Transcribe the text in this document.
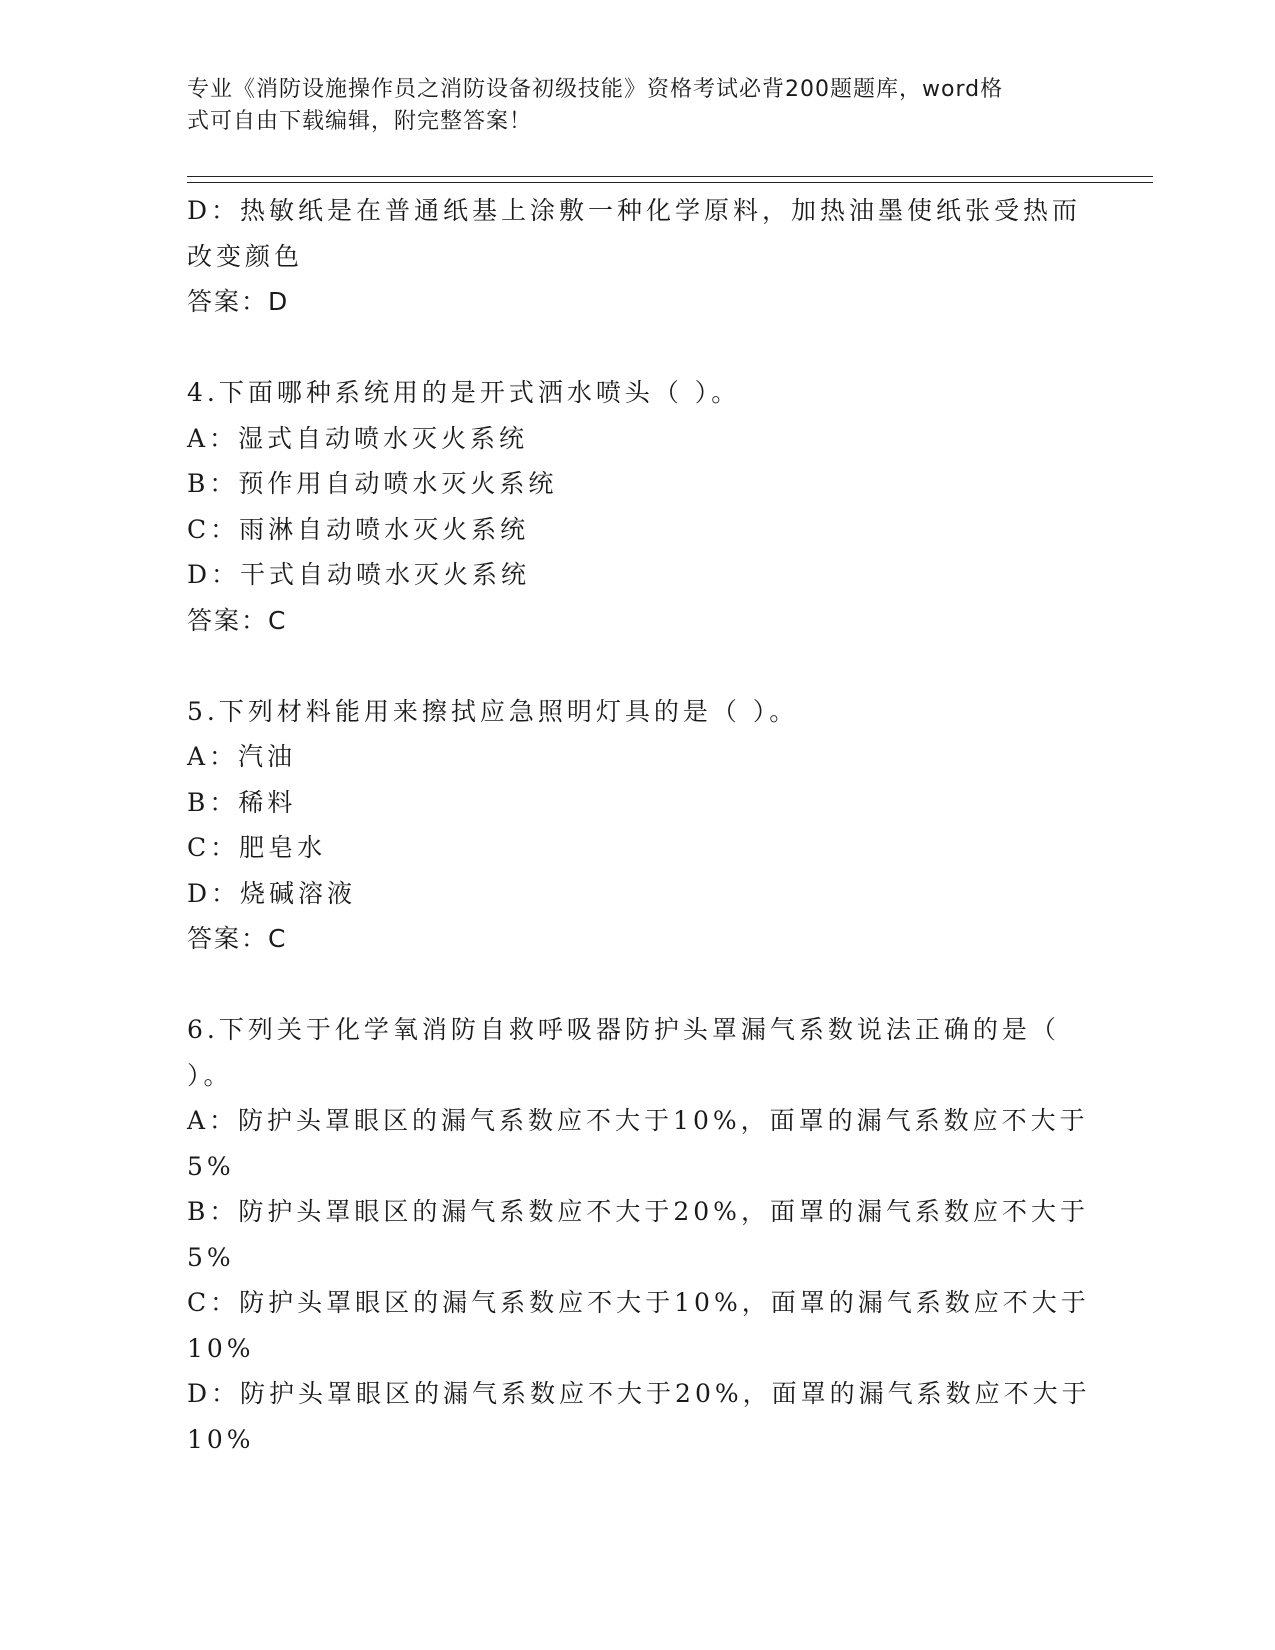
专业《消防设施操作员之消防设备初级技能》资格考试必背200题题库，word格
式可自由下载编辑，附完整答案！
D：热敏纸是在普通纸基上涂敷一种化学原料，加热油墨使纸张受热而
改变颜色
答案：D
4.下面哪种系统用的是开式洒水喷头（ ）。
A：湿式自动喷水灭火系统
B：预作用自动喷水灭火系统
C：雨淋自动喷水灭火系统
D：干式自动喷水灭火系统
答案：C
5.下列材料能用来擦拭应急照明灯具的是（ ）。
A：汽油
B：稀料
C：肥皂水
D：烧碱溶液
答案：C
6.下列关于化学氧消防自救呼吸器防护头罩漏气系数说法正确的是（
）。
A：防护头罩眼区的漏气系数应不大于10%，面罩的漏气系数应不大于
5%
B：防护头罩眼区的漏气系数应不大于20%，面罩的漏气系数应不大于
5%
C：防护头罩眼区的漏气系数应不大于10%，面罩的漏气系数应不大于
10%
D：防护头罩眼区的漏气系数应不大于20%，面罩的漏气系数应不大于
10%
